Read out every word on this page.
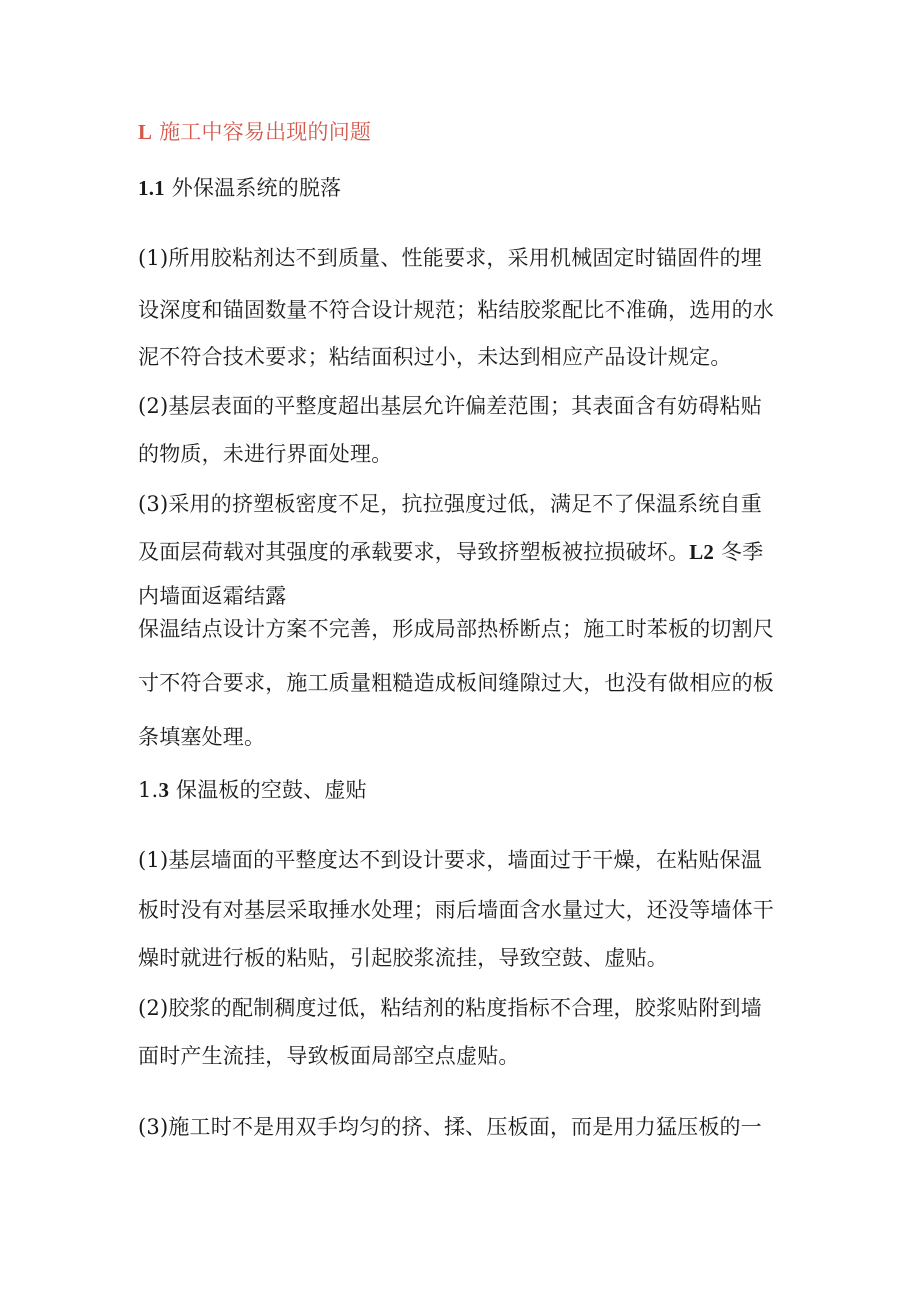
L 施工中容易出现的问题
1.1 外保温系统的脱落
(1)所用胶粘剂达不到质量、性能要求，采用机械固定时锚固件的埋
设深度和锚固数量不符合设计规范；粘结胶浆配比不准确，选用的水
泥不符合技术要求；粘结面积过小，未达到相应产品设计规定。
(2)基层表面的平整度超出基层允许偏差范围；其表面含有妨碍粘贴
的物质，未进行界面处理。
(3)采用的挤塑板密度不足，抗拉强度过低，满足不了保温系统自重
及面层荷载对其强度的承载要求，导致挤塑板被拉损破坏。L2 冬季
内墙面返霜结露
保温结点设计方案不完善，形成局部热桥断点；施工时苯板的切割尺
寸不符合要求，施工质量粗糙造成板间缝隙过大，也没有做相应的板
条填塞处理。
1.3 保温板的空鼓、虚贴
(1)基层墙面的平整度达不到设计要求，墙面过于干燥，在粘贴保温
板时没有对基层采取捶水处理；雨后墙面含水量过大，还没等墙体干
燥时就进行板的粘贴，引起胶浆流挂，导致空鼓、虚贴。
(2)胶浆的配制稠度过低，粘结剂的粘度指标不合理，胶浆贴附到墙
面时产生流挂，导致板面局部空点虚贴。
(3)施工时不是用双手均匀的挤、揉、压板面，而是用力猛压板的一
